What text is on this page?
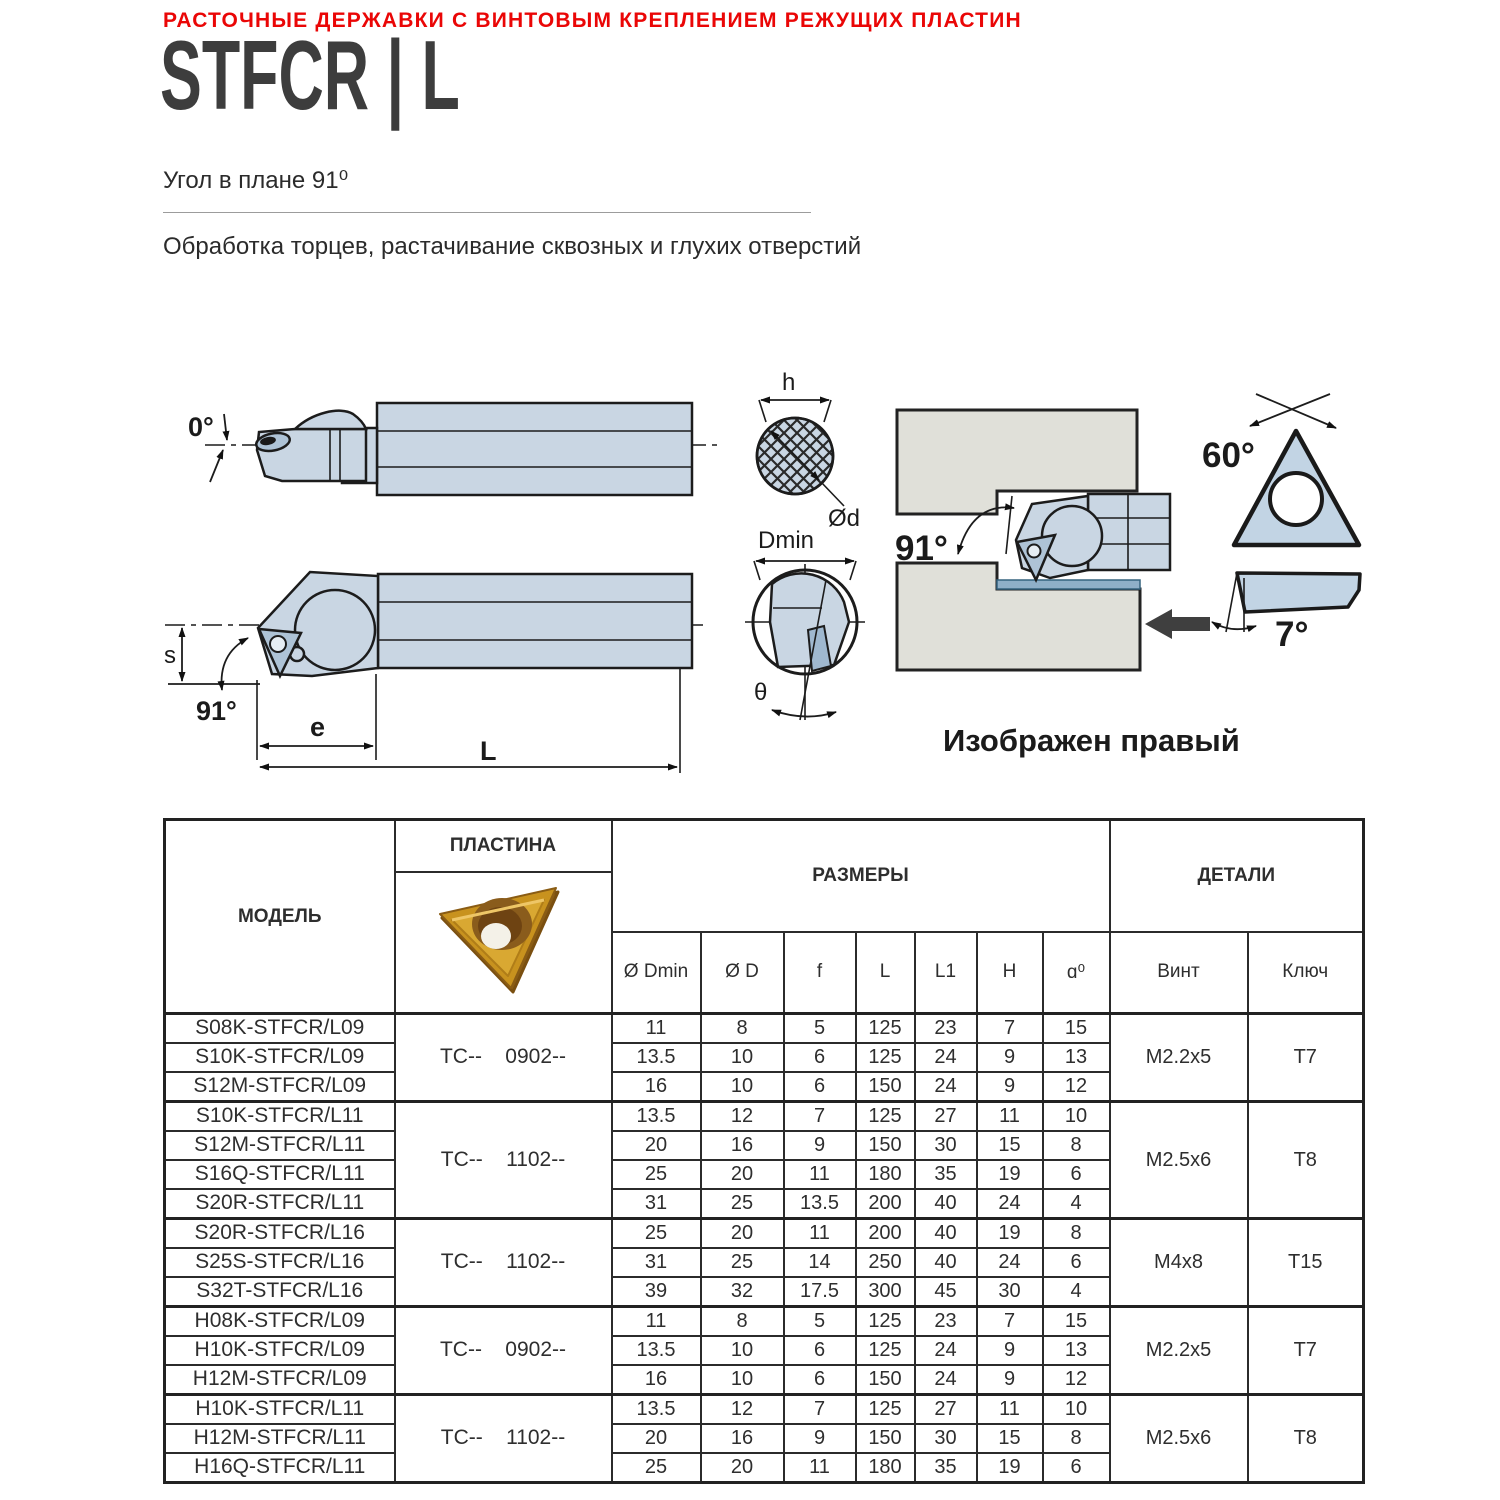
РАСТОЧНЫЕ ДЕРЖАВКИ С ВИНТОВЫМ КРЕПЛЕНИЕМ РЕЖУЩИХ ПЛАСТИН
STFCR | L
Угол в плане 91⁰
Обработка торцев, растачивание сквозных и глухих отверстий
0°
s
91°
e
L
h
Ød
Dmin
θ
91°
60°
7°
Изображен правый
МОДЕЛЬ	ПЛАСТИНА	РАЗМЕРЫ							ДЕТАЛИ	

		Ø Dmin	Ø D	f	L	L1	H	ɑ⁰	Винт	Ключ
S08K-STFCR/L09	TC--    0902--	11	8	5	125	23	7	15	M2.2x5	T7
S10K-STFCR/L09		13.5	10	6	125	24	9	13		
S12M-STFCR/L09		16	10	6	150	24	9	12		
S10K-STFCR/L11	TC--    1102--	13.5	12	7	125	27	11	10	M2.5x6	T8
S12M-STFCR/L11		20	16	9	150	30	15	8		
S16Q-STFCR/L11		25	20	11	180	35	19	6		
S20R-STFCR/L11		31	25	13.5	200	40	24	4		
S20R-STFCR/L16	TC--    1102--	25	20	11	200	40	19	8	M4x8	T15
S25S-STFCR/L16		31	25	14	250	40	24	6		
S32T-STFCR/L16		39	32	17.5	300	45	30	4		
H08K-STFCR/L09	TC--    0902--	11	8	5	125	23	7	15	M2.2x5	T7
H10K-STFCR/L09		13.5	10	6	125	24	9	13		
H12M-STFCR/L09		16	10	6	150	24	9	12		
H10K-STFCR/L11	TC--    1102--	13.5	12	7	125	27	11	10	M2.5x6	T8
H12M-STFCR/L11		20	16	9	150	30	15	8		
H16Q-STFCR/L11		25	20	11	180	35	19	6		
